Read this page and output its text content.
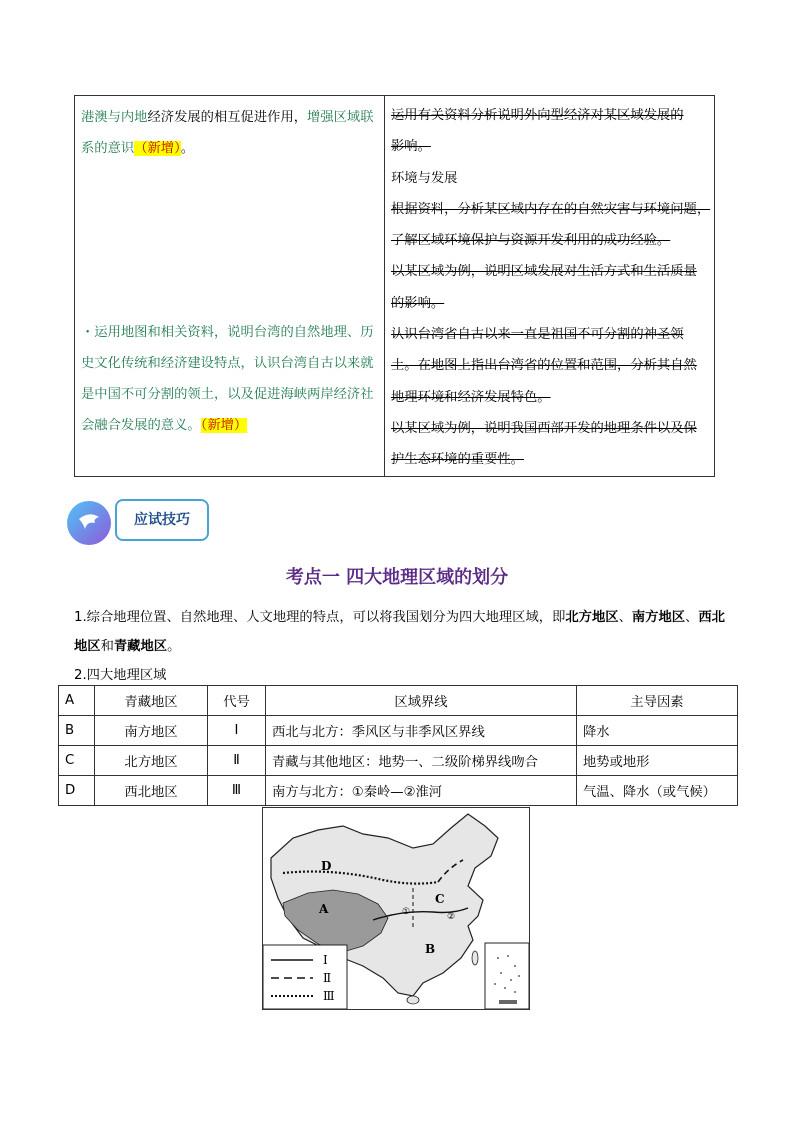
港澳与内地经济发展的相互促进作用，增强区域联系的意识（新增）。
・运用地图和相关资料，说明台湾的自然地理、历史文化传统和经济建设特点，认识台湾自古以来就是中国不可分割的领土，以及促进海峡两岸经济社会融合发展的意义。（新增）

运用有关资料分析说明外向型经济对某区域发展的
影响。
环境与发展
根据资料，分析某区域内存在的自然灾害与环境问题，
了解区域环境保护与资源开发利用的成功经验。
以某区域为例，说明区域发展对生活方式和生活质量
的影响。
认识台湾省自古以来一直是祖国不可分割的神圣领
土。在地图上指出台湾省的位置和范围，分析其自然
地理环境和经济发展特色。
以某区域为例，说明我国西部开发的地理条件以及保
护生态环境的重要性。
应试技巧
考点一 四大地理区域的划分
1.综合地理位置、自然地理、人文地理的特点，可以将我国划分为四大地理区域，即北方地区、南方地区、西北地区和青藏地区。
2.四大地理区域
A	青藏地区	代号	区域界线	主导因素
B	南方地区	Ⅰ	西北与北方：季风区与非季风区界线	降水
C	北方地区	Ⅱ	青藏与其他地区：地势一、二级阶梯界线吻合	地势或地形
D	西北地区	Ⅲ	南方与北方：①秦岭—②淮河	气温、降水（或气候）
D
A
C
B
①	②
Ⅰ
Ⅱ
Ⅲ
